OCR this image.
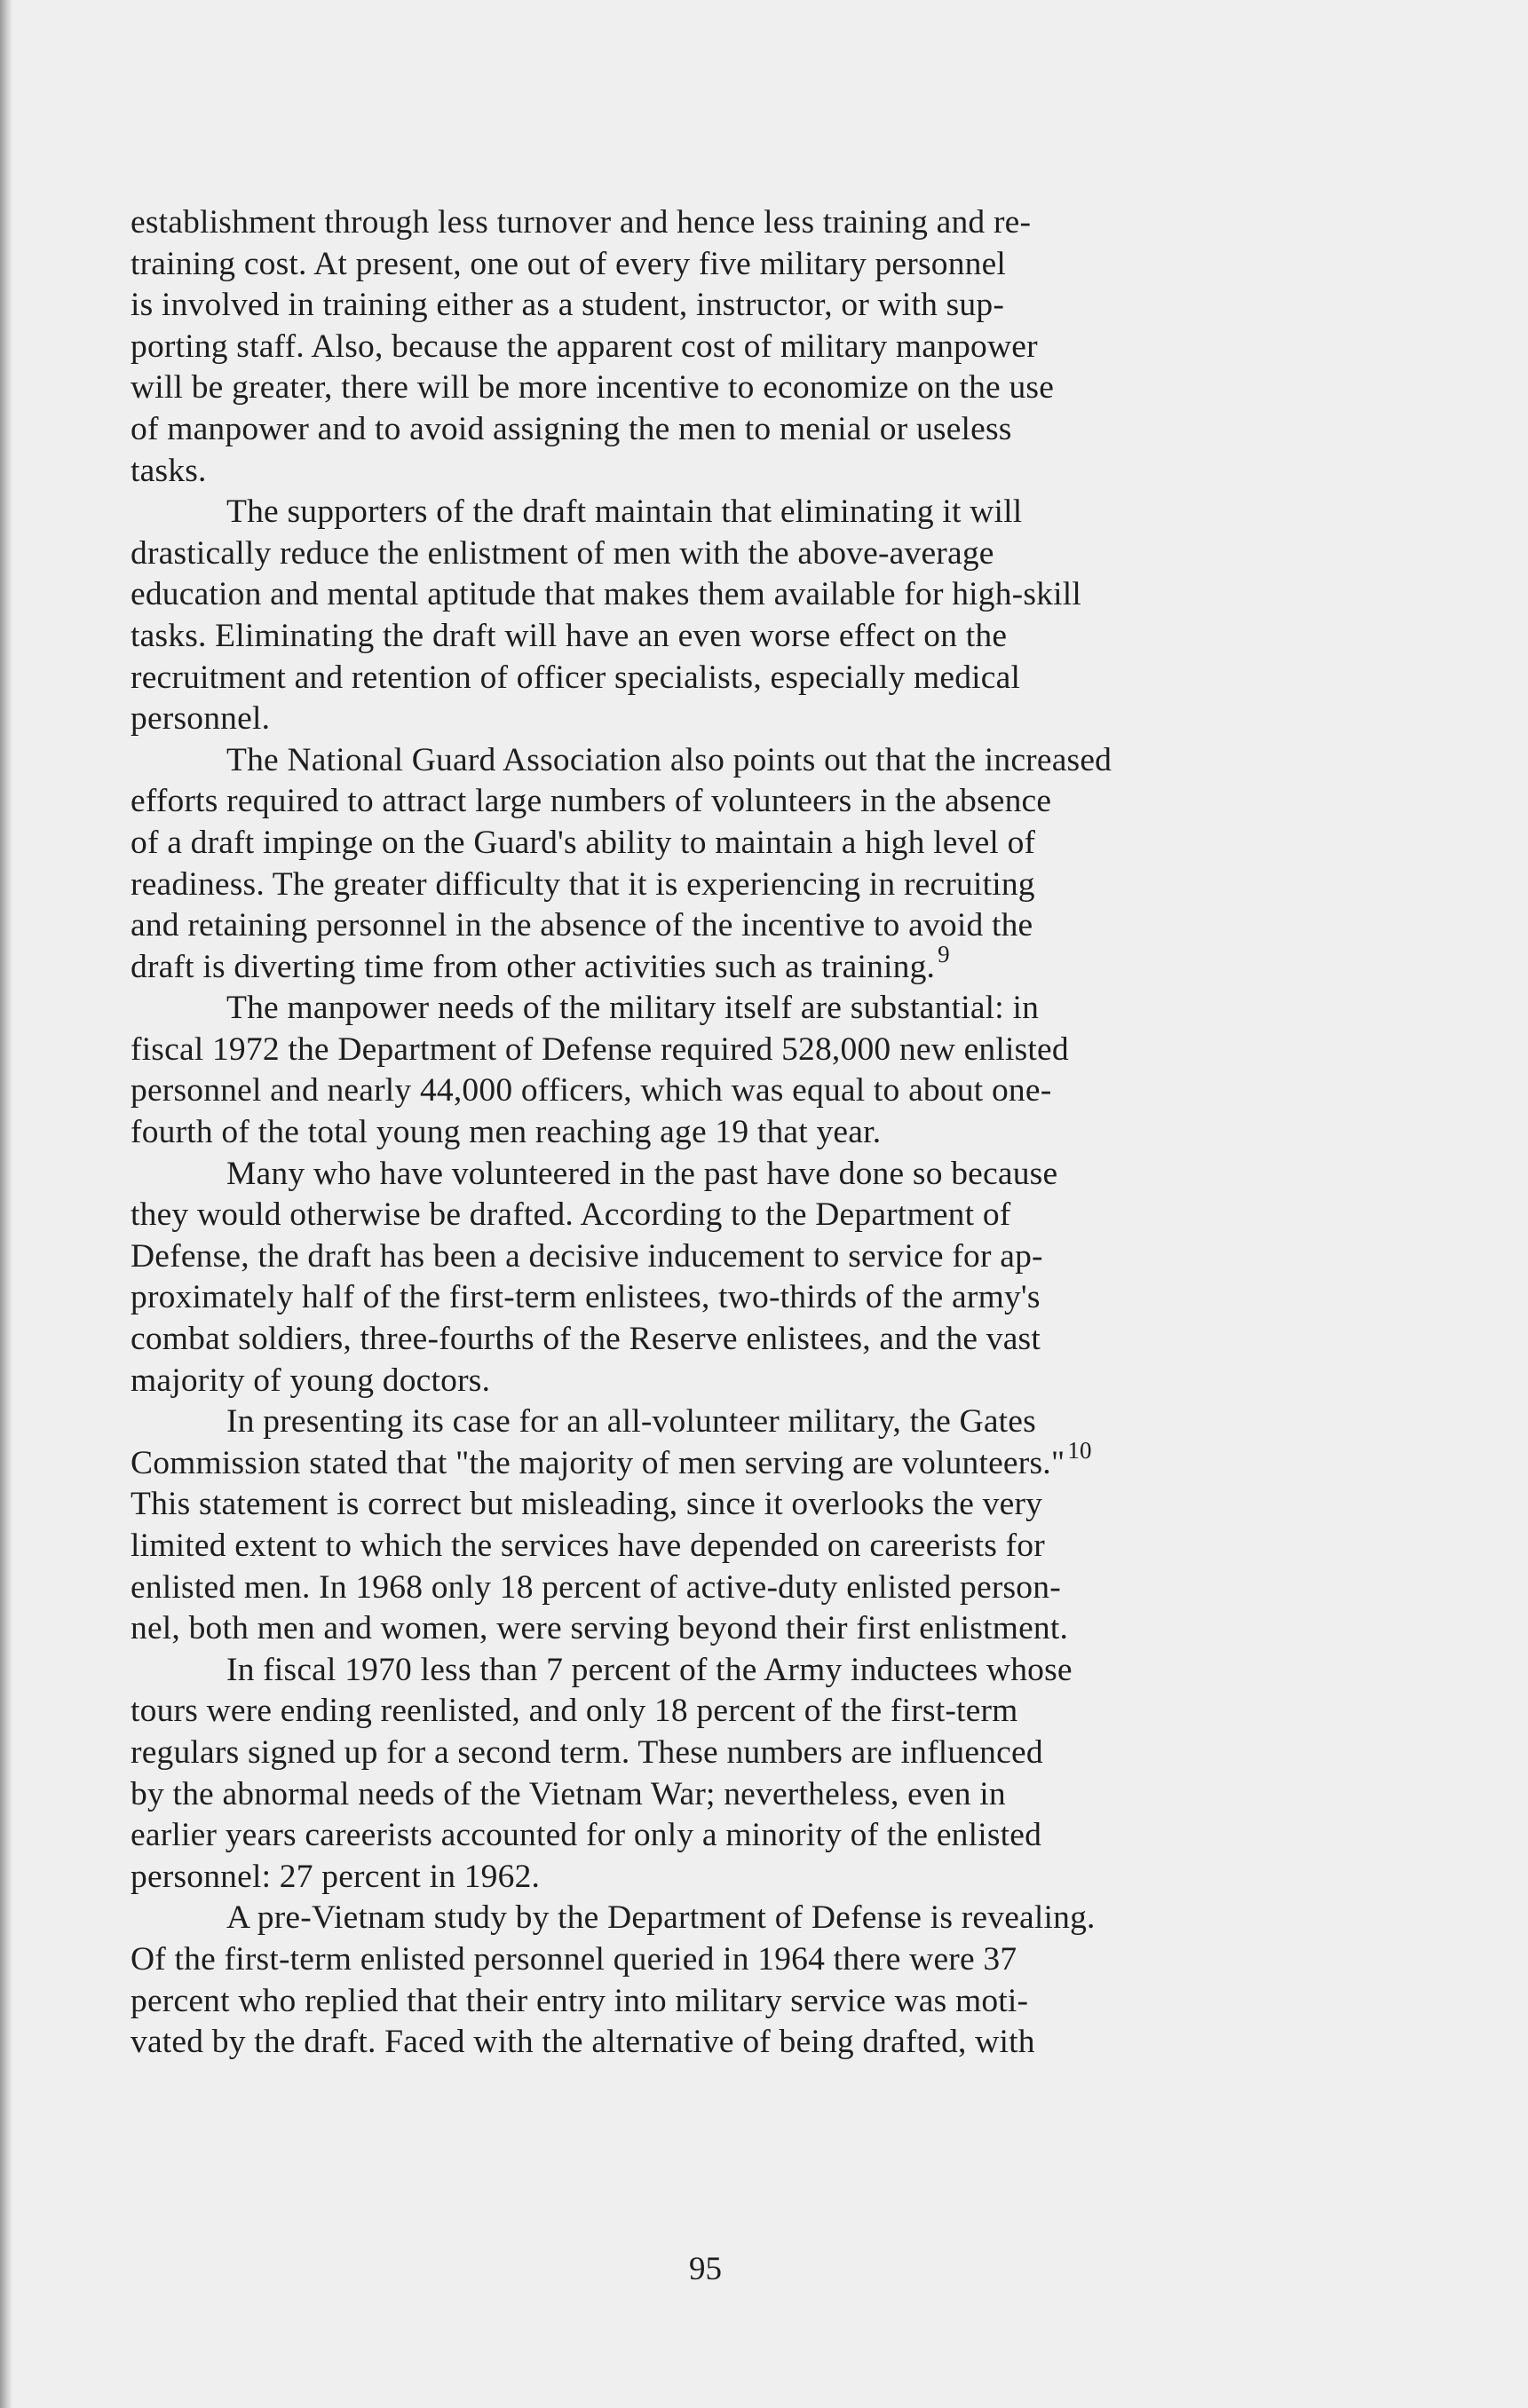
establishment through less turnover and hence less training and re-
training cost. At present, one out of every five military personnel
is involved in training either as a student, instructor, or with sup-
porting staff. Also, because the apparent cost of military manpower
will be greater, there will be more incentive to economize on the use
of manpower and to avoid assigning the men to menial or useless
tasks.
The supporters of the draft maintain that eliminating it will
drastically reduce the enlistment of men with the above-average
education and mental aptitude that makes them available for high-skill
tasks. Eliminating the draft will have an even worse effect on the
recruitment and retention of officer specialists, especially medical
personnel.
The National Guard Association also points out that the increased
efforts required to attract large numbers of volunteers in the absence
of a draft impinge on the Guard's ability to maintain a high level of
readiness. The greater difficulty that it is experiencing in recruiting
and retaining personnel in the absence of the incentive to avoid the
draft is diverting time from other activities such as training. $^9$
The manpower needs of the military itself are substantial: in
fiscal 1972 the Department of Defense required 528,000 new enlisted
personnel and nearly 44,000 officers, which was equal to about one-
fourth of the total young men reaching age 19 that year.
Many who have volunteered in the past have done so because
they would otherwise be drafted. According to the Department of
Defense, the draft has been a decisive inducement to service for ap-
proximately half of the first-term enlistees, two-thirds of the army's
combat soldiers, three-fourths of the Reserve enlistees, and the vast
majority of young doctors.
In presenting its case for an all-volunteer military, the Gates
Commission stated that "the majority of men serving are volunteers." $^{10}$
This statement is correct but misleading, since it overlooks the very
limited extent to which the services have depended on careerists for
enlisted men. In 1968 only 18 percent of active-duty enlisted person-
nel, both men and women, were serving beyond their first enlistment.
In fiscal 1970 less than 7 percent of the Army inductees whose
tours were ending reenlisted, and only 18 percent of the first-term
regulars signed up for a second term. These numbers are influenced
by the abnormal needs of the Vietnam War; nevertheless, even in
earlier years careerists accounted for only a minority of the enlisted
personnel: 27 percent in 1962.
A pre-Vietnam study by the Department of Defense is revealing.
Of the first-term enlisted personnel queried in 1964 there were 37
percent who replied that their entry into military service was moti-
vated by the draft. Faced with the alternative of being drafted, with
95
